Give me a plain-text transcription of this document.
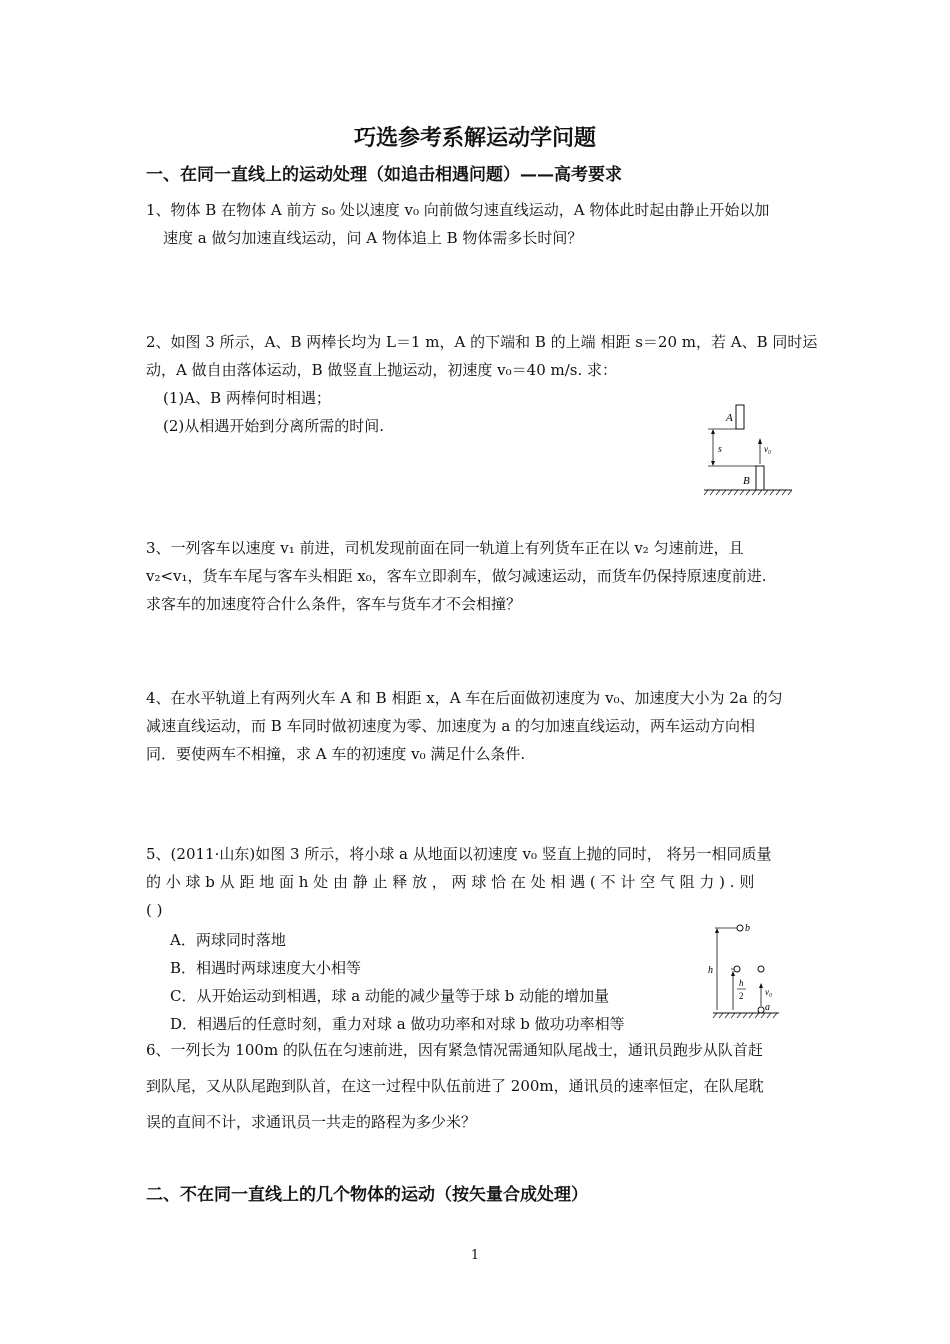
巧选参考系解运动学问题
一、在同一直线上的运动处理（如追击相遇问题）——高考要求
1、物体 B 在物体 A 前方 s₀ 处以速度 v₀ 向前做匀速直线运动，A 物体此时起由静止开始以加
速度 a 做匀加速直线运动，问 A 物体追上 B 物体需多长时间？
2、如图 3 所示，A、B 两棒长均为 L＝1 m，A 的下端和 B 的上端 相距 s＝20 m，若 A、B 同时运
动，A 做自由落体运动，B 做竖直上抛运动，初速度 v₀＝40 m/s. 求：
(1)A、B 两棒何时相遇；
(2)从相遇开始到分离所需的时间.	A
s
B
v₀
3、一列客车以速度 v₁ 前进，司机发现前面在同一轨道上有列货车正在以 v₂ 匀速前进，且
v₂<v₁，货车车尾与客车头相距 x₀，客车立即刹车，做匀减速运动，而货车仍保持原速度前进.
求客车的加速度符合什么条件，客车与货车才不会相撞？
4、在水平轨道上有两列火车 A 和 B 相距 x，A 车在后面做初速度为 v₀、加速度大小为 2a 的匀
减速直线运动，而 B 车同时做初速度为零、加速度为 a 的匀加速直线运动，两车运动方向相
同．要使两车不相撞，求 A 车的初速度 v₀ 满足什么条件.
5、(2011·山东)如图 3 所示，将小球 a 从地面以初速度 v₀ 竖直上抛的同时， 将另一相同质量
的 小 球 b 从 距 地 面 h 处 由 静 止 释 放 ， 两 球 恰 在 处 相 遇 ( 不 计 空 气 阻 力 ) . 则
( )
A．两球同时落地
B．相遇时两球速度大小相等
C．从开始运动到相遇，球 a 动能的减少量等于球 b 动能的增加量
D．相遇后的任意时刻，重力对球 a 做功功率和对球 b 做功功率相等
b
h
h
2 v₀
a
6、一列长为 100m 的队伍在匀速前进，因有紧急情况需通知队尾战士，通讯员跑步从队首赶
到队尾，又从队尾跑到队首，在这一过程中队伍前进了 200m，通讯员的速率恒定，在队尾耽
误的直间不计，求通讯员一共走的路程为多少米？
二、不在同一直线上的几个物体的运动（按矢量合成处理）
1
